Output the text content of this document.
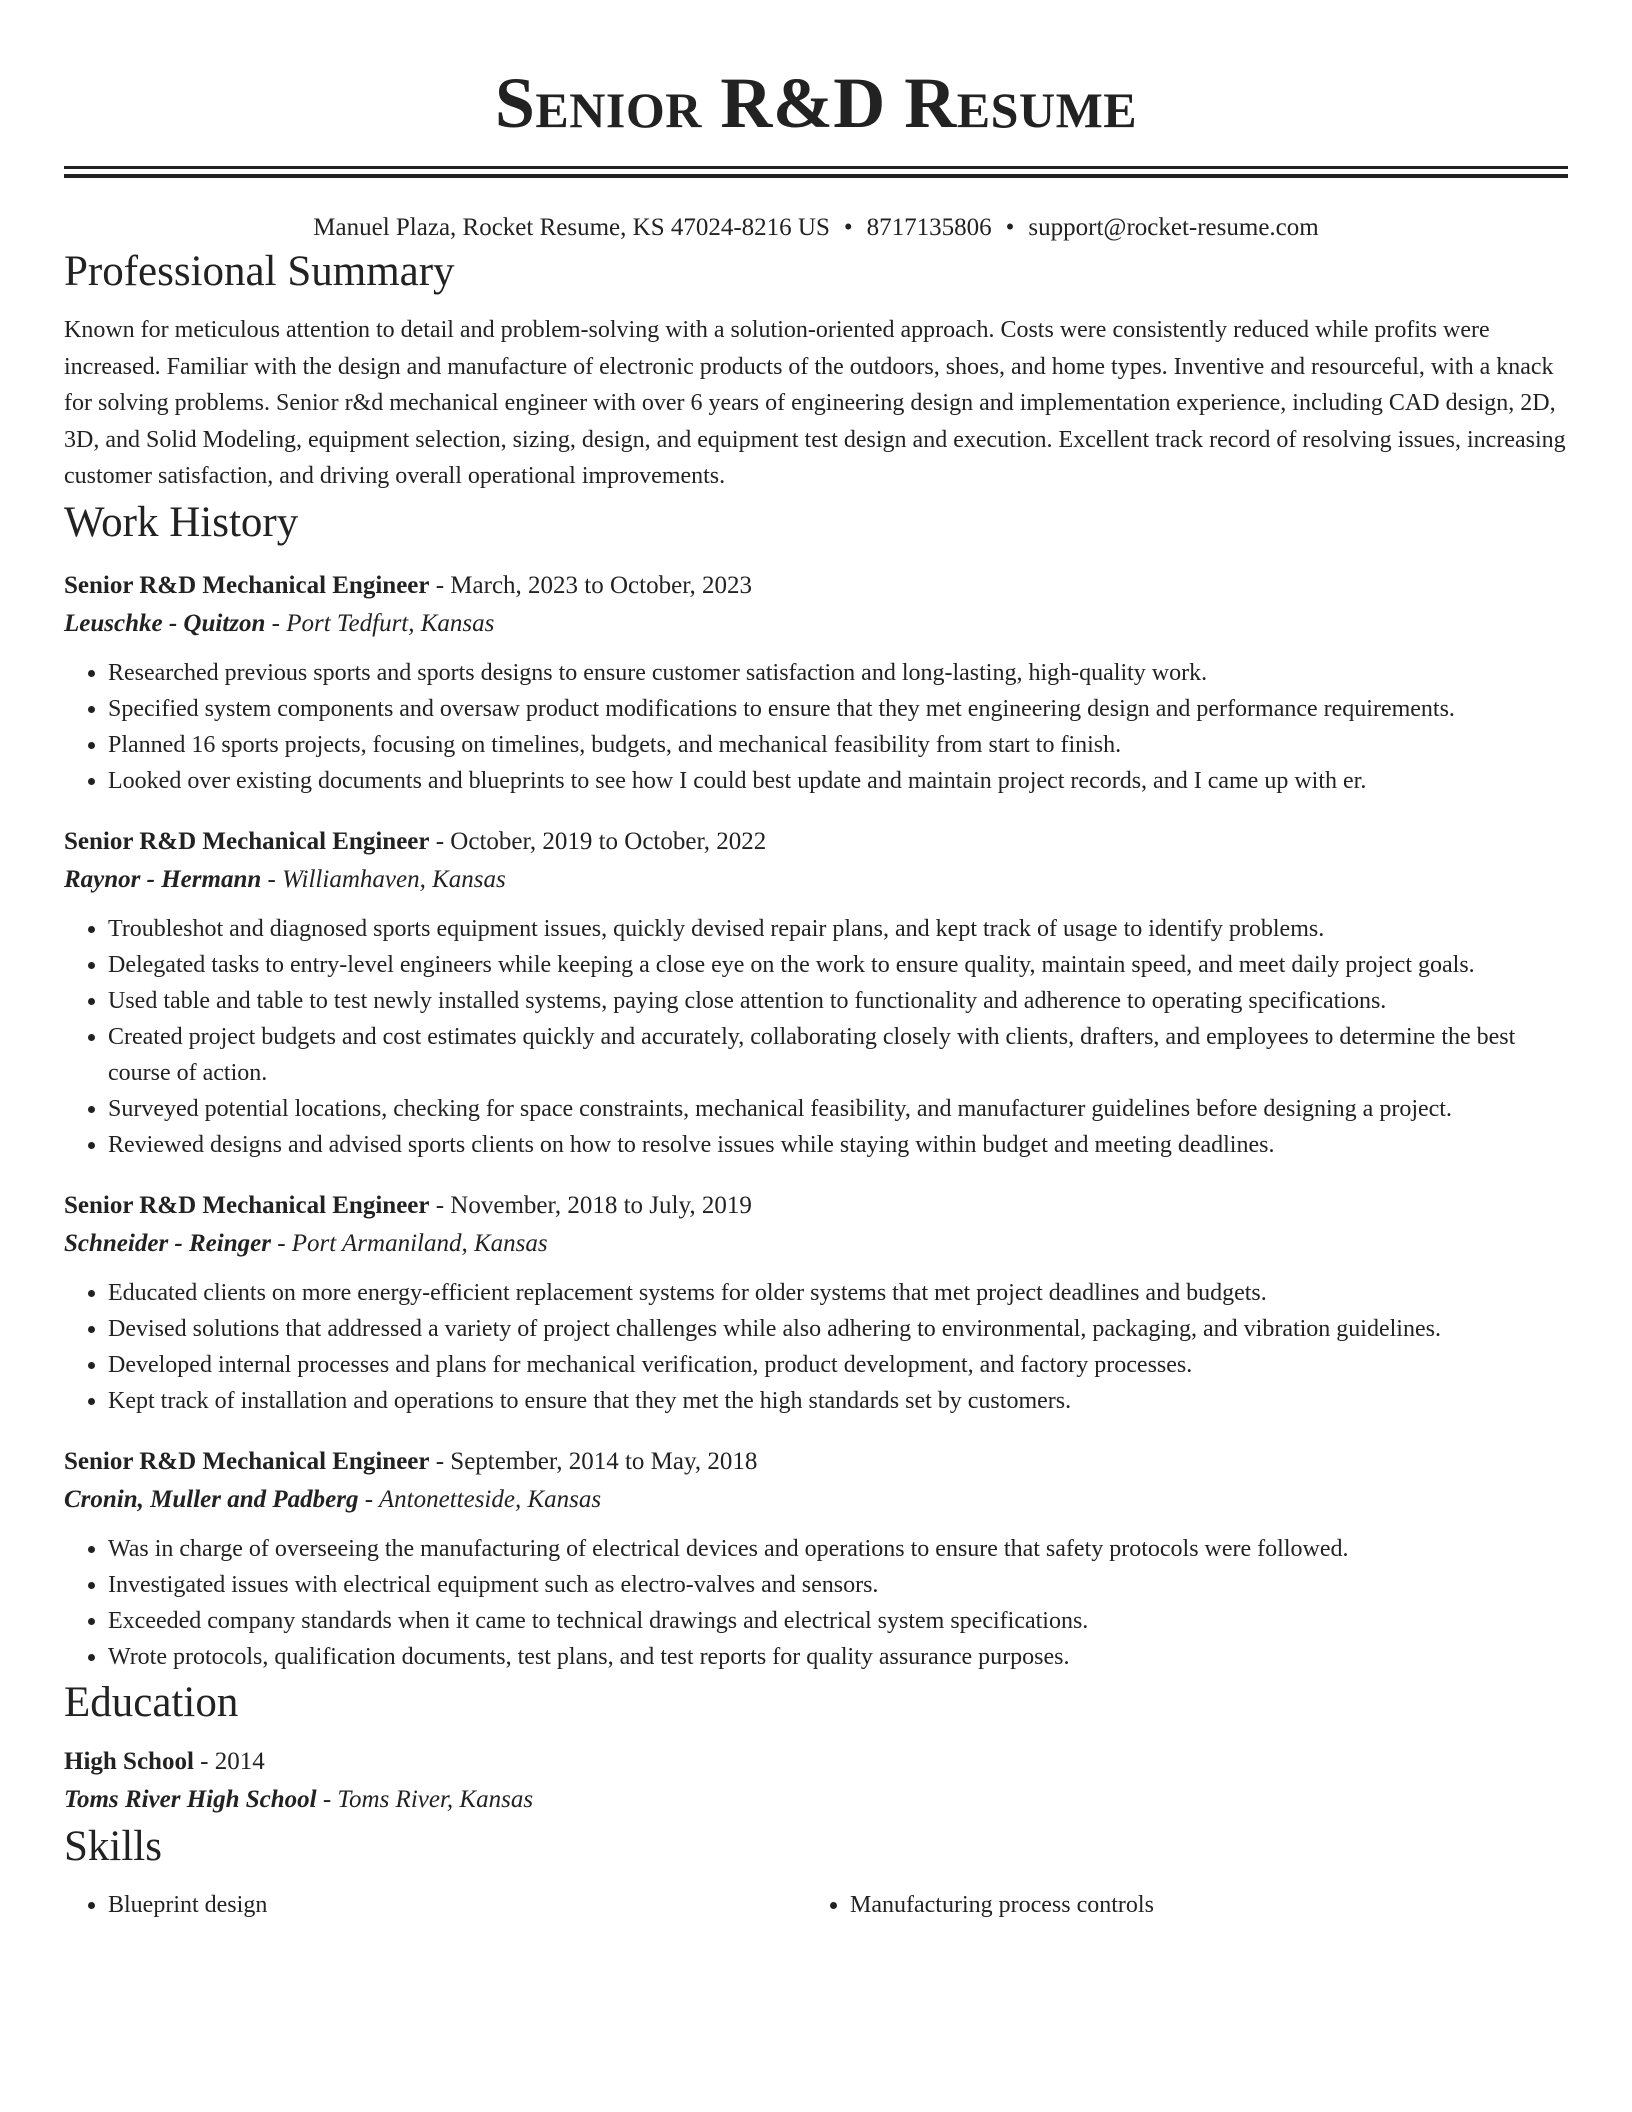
Senior R&D Resume
Manuel Plaza, Rocket Resume, KS 47024-8216 US • 8717135806 • support@rocket-resume.com
Professional Summary
Known for meticulous attention to detail and problem-solving with a solution-oriented approach. Costs were consistently reduced while profits were increased. Familiar with the design and manufacture of electronic products of the outdoors, shoes, and home types. Inventive and resourceful, with a knack for solving problems. Senior r&d mechanical engineer with over 6 years of engineering design and implementation experience, including CAD design, 2D, 3D, and Solid Modeling, equipment selection, sizing, design, and equipment test design and execution. Excellent track record of resolving issues, increasing customer satisfaction, and driving overall operational improvements.
Work History
Senior R&D Mechanical Engineer - March, 2023 to October, 2023
Leuschke - Quitzon - Port Tedfurt, Kansas
• Researched previous sports and sports designs to ensure customer satisfaction and long-lasting, high-quality work.
• Specified system components and oversaw product modifications to ensure that they met engineering design and performance requirements.
• Planned 16 sports projects, focusing on timelines, budgets, and mechanical feasibility from start to finish.
• Looked over existing documents and blueprints to see how I could best update and maintain project records, and I came up with er.
Senior R&D Mechanical Engineer - October, 2019 to October, 2022
Raynor - Hermann - Williamhaven, Kansas
• Troubleshot and diagnosed sports equipment issues, quickly devised repair plans, and kept track of usage to identify problems.
• Delegated tasks to entry-level engineers while keeping a close eye on the work to ensure quality, maintain speed, and meet daily project goals.
• Used table and table to test newly installed systems, paying close attention to functionality and adherence to operating specifications.
• Created project budgets and cost estimates quickly and accurately, collaborating closely with clients, drafters, and employees to determine the best course of action.
• Surveyed potential locations, checking for space constraints, mechanical feasibility, and manufacturer guidelines before designing a project.
• Reviewed designs and advised sports clients on how to resolve issues while staying within budget and meeting deadlines.
Senior R&D Mechanical Engineer - November, 2018 to July, 2019
Schneider - Reinger - Port Armaniland, Kansas
• Educated clients on more energy-efficient replacement systems for older systems that met project deadlines and budgets.
• Devised solutions that addressed a variety of project challenges while also adhering to environmental, packaging, and vibration guidelines.
• Developed internal processes and plans for mechanical verification, product development, and factory processes.
• Kept track of installation and operations to ensure that they met the high standards set by customers.
Senior R&D Mechanical Engineer - September, 2014 to May, 2018
Cronin, Muller and Padberg - Antonetteside, Kansas
• Was in charge of overseeing the manufacturing of electrical devices and operations to ensure that safety protocols were followed.
• Investigated issues with electrical equipment such as electro-valves and sensors.
• Exceeded company standards when it came to technical drawings and electrical system specifications.
• Wrote protocols, qualification documents, test plans, and test reports for quality assurance purposes.
Education
High School - 2014
Toms River High School - Toms River, Kansas
Skills
• Blueprint design
•	Manufacturing process controls
